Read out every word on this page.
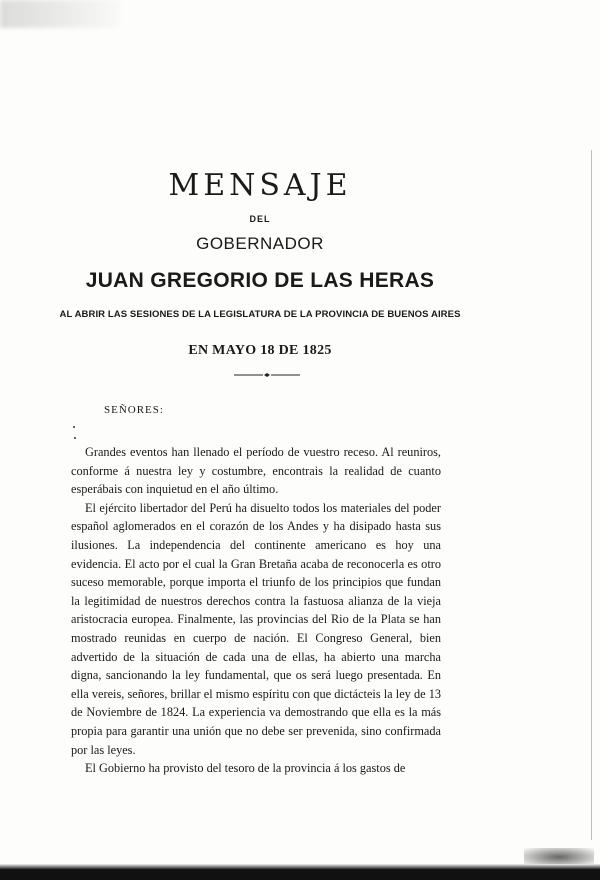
MENSAJE
DEL
GOBERNADOR
JUAN GREGORIO DE LAS HERAS
AL ABRIR LAS SESIONES DE LA LEGISLATURA DE LA PROVINCIA DE BUENOS AIRES
EN MAYO 18 DE 1825
SEÑORES:

Grandes eventos han llenado el período de vuestro receso. Al reuniros, conforme á nuestra ley y costumbre, encontrais la realidad de cuanto esperábais con inquietud en el año último.

El ejército libertador del Perú ha disuelto todos los materiales del poder español aglomerados en el corazón de los Andes y ha disipado hasta sus ilusiones. La independencia del continente americano es hoy una evidencia. El acto por el cual la Gran Bretaña acaba de reconocerla es otro suceso memorable, porque importa el triunfo de los principios que fundan la legitimidad de nuestros derechos contra la fastuosa alianza de la vieja aristocracia europea. Finalmente, las provincias del Rio de la Plata se han mostrado reunidas en cuerpo de nación. El Congreso General, bien advertido de la situación de cada una de ellas, ha abierto una marcha digna, sancionando la ley fundamental, que os será luego presentada. En ella vereis, señores, brillar el mismo espíritu con que dictácteis la ley de 13 de Noviembre de 1824. La experiencia va demostrando que ella es la más propia para garantir una unión que no debe ser prevenida, sino confirmada por las leyes.

El Gobierno ha provisto del tesoro de la provincia á los gastos de
